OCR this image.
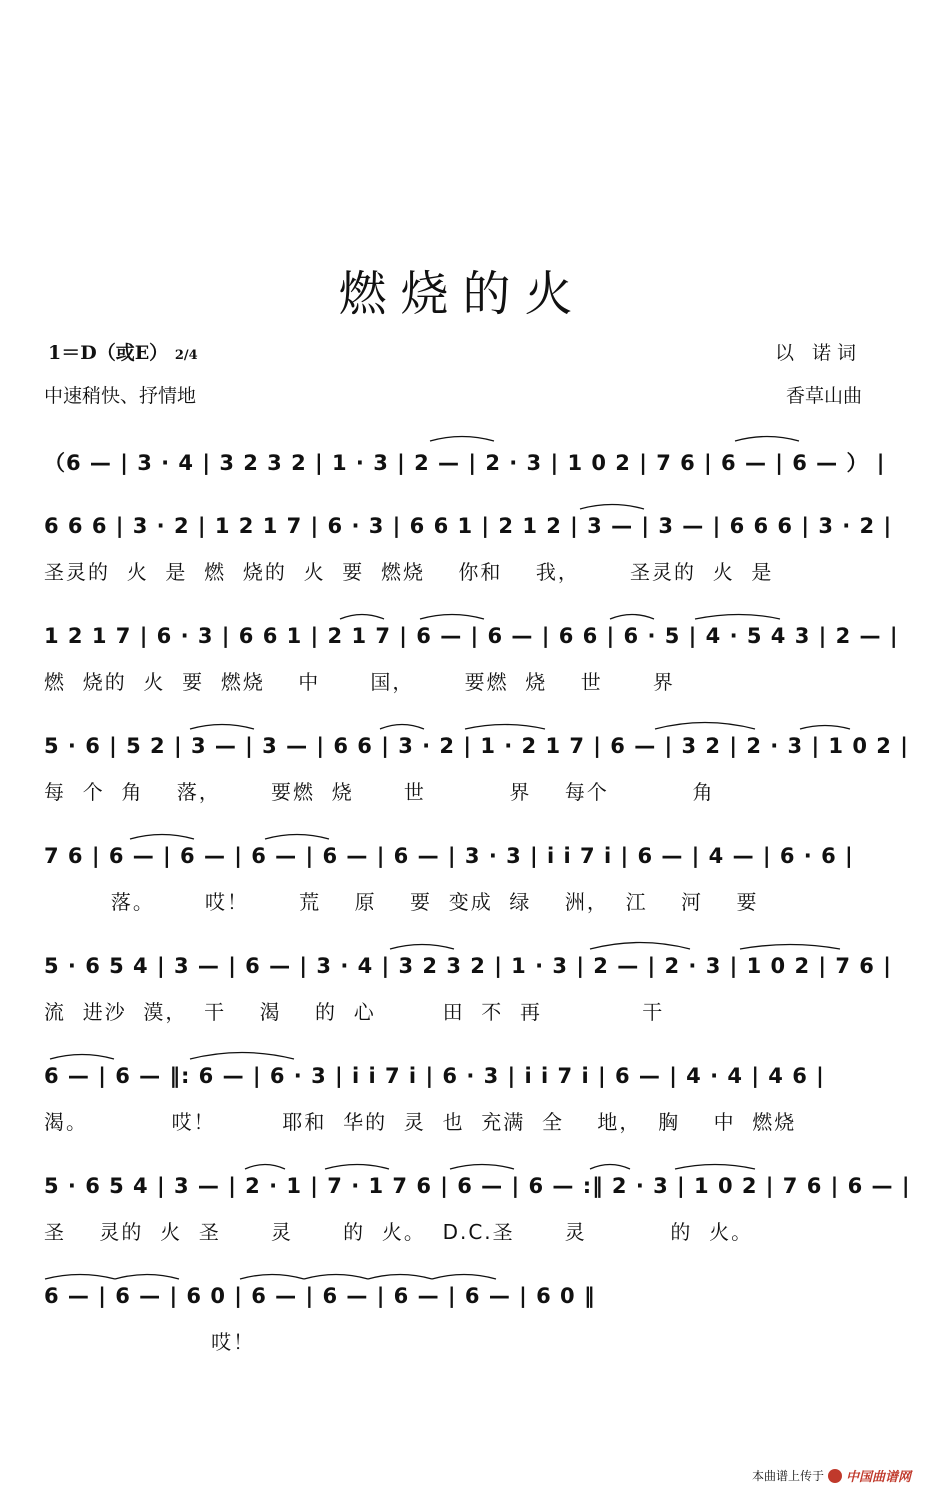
燃烧的火
1＝D（或E） 2/4
中速稍快、抒情地
以 诺词
香草山曲
（6 — | 3 · 4 | 3 2 3 2 | 1 · 3 | 2 — | 2 · 3 | 1 0 2 | 7 6 | 6 — | 6 — ） |
6 6 6 | 3 · 2 | 1 2 1 7 | 6 · 3 | 6 6 1 | 2 1 2 | 3 — | 3 — | 6 6 6 | 3 · 2 |
圣灵的  火  是  燃  烧的  火  要  燃烧    你和    我，      圣灵的  火  是
1 2 1 7 | 6 · 3 | 6 6 1 | 2 1 7 | 6 — | 6 — | 6 6 | 6 · 5 | 4 · 5 4 3 | 2 — |
燃  烧的  火  要  燃烧    中      国，      要燃  烧    世      界
5 · 6 | 5 2 | 3 — | 3 — | 6 6 | 3 · 2 | 1 · 2 1 7 | 6 — | 3 2 | 2 · 3 | 1 0 2 |
每  个  角    落，      要燃  烧      世          界    每个          角
7 6 | 6 — | 6 — | 6 — | 6 — | 6 — | 3 · 3 | i i 7 i | 6 — | 4 — | 6 · 6 |
落。      哎！      荒    原    要  变成  绿    洲，  江    河    要
5 · 6 5 4 | 3 — | 6 — | 3 · 4 | 3 2 3 2 | 1 · 3 | 2 — | 2 · 3 | 1 0 2 | 7 6 |
流  进沙  漠，  干    渴    的  心        田  不  再            干
6 — | 6 — ‖: 6 — | 6 · 3 | i i 7 i | 6 · 3 | i i 7 i | 6 — | 4 · 4 | 4 6 |
渴。          哎！        耶和  华的  灵  也  充满  全    地，  胸    中  燃烧
5 · 6 5 4 | 3 — | 2 · 1 | 7 · 1 7 6 | 6 — | 6 — :‖ 2 · 3 | 1 0 2 | 7 6 | 6 — |
圣    灵的  火  圣      灵      的  火。  D.C.圣      灵          的  火。
6 — | 6 — | 6 0 | 6 — | 6 — | 6 — | 6 — | 6 0 ‖
哎！
本曲谱上传于 中国曲谱网
